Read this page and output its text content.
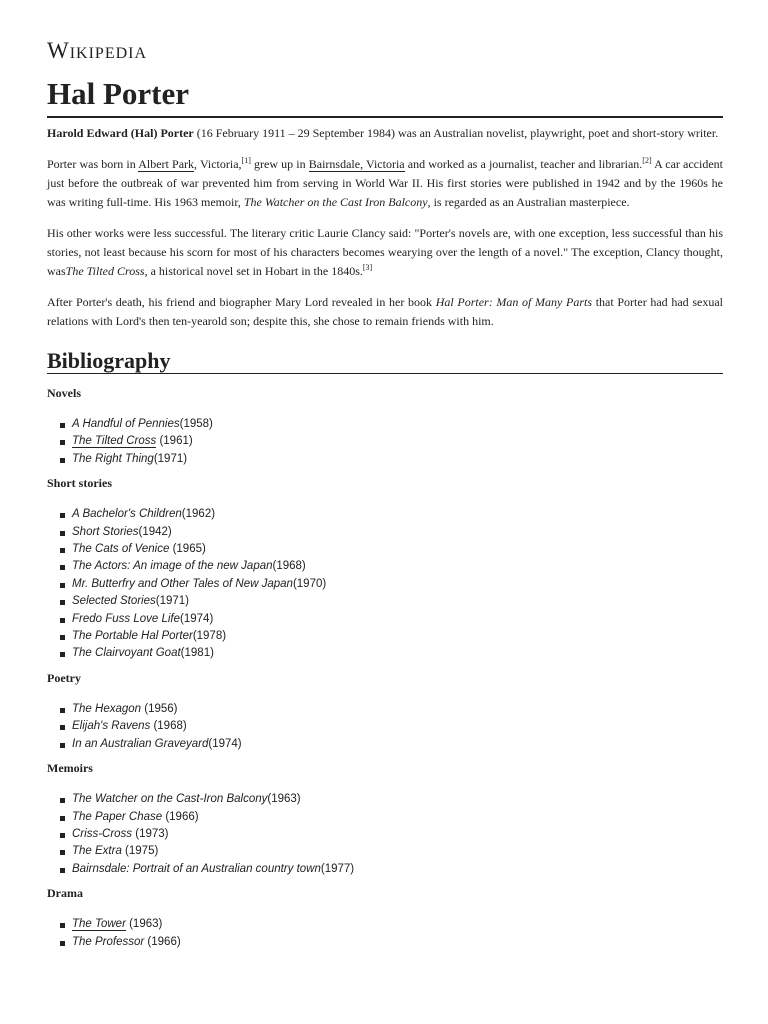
Wikipedia
Hal Porter

Harold Edward (Hal) Porter (16 February 1911 – 29 September 1984) was an Australian novelist, playwright, poet and short-story writer.

Porter was born in Albert Park, Victoria,[1] grew up in Bairnsdale, Victoria and worked as a journalist, teacher and librarian.[2] A car accident just before the outbreak of war prevented him from serving in World War II. His first stories were published in 1942 and by the 1960s he was writing full-time. His 1963 memoir, The Watcher on the Cast Iron Balcony, is regarded as an Australian masterpiece.

His other works were less successful. The literary critic Laurie Clancy said: "Porter's novels are, with one exception, less successful than his stories, not least because his scorn for most of his characters becomes wearying over the length of a novel." The exception, Clancy thought, wasThe Tilted Cross, a historical novel set in Hobart in the 1840s.[3]

After Porter's death, his friend and biographer Mary Lord revealed in her book Hal Porter: Man of Many Parts that Porter had had sexual relations with Lord's then ten-yearold son; despite this, she chose to remain friends with him.

Bibliography
Novels
A Handful of Pennies(1958)
The Tilted Cross (1961)
The Right Thing(1971)
Short stories
A Bachelor's Children(1962)
Short Stories(1942)
The Cats of Venice (1965)
The Actors: An image of the new Japan(1968)
Mr. Butterfry and Other Tales of New Japan(1970)
Selected Stories(1971)
Fredo Fuss Love Life(1974)
The Portable Hal Porter(1978)
The Clairvoyant Goat(1981)
Poetry
The Hexagon (1956)
Elijah's Ravens (1968)
In an Australian Graveyard(1974)
Memoirs
The Watcher on the Cast-Iron Balcony(1963)
The Paper Chase (1966)
Criss-Cross (1973)
The Extra (1975)
Bairnsdale: Portrait of an Australian country town(1977)
Drama
The Tower (1963)
The Professor (1966)
